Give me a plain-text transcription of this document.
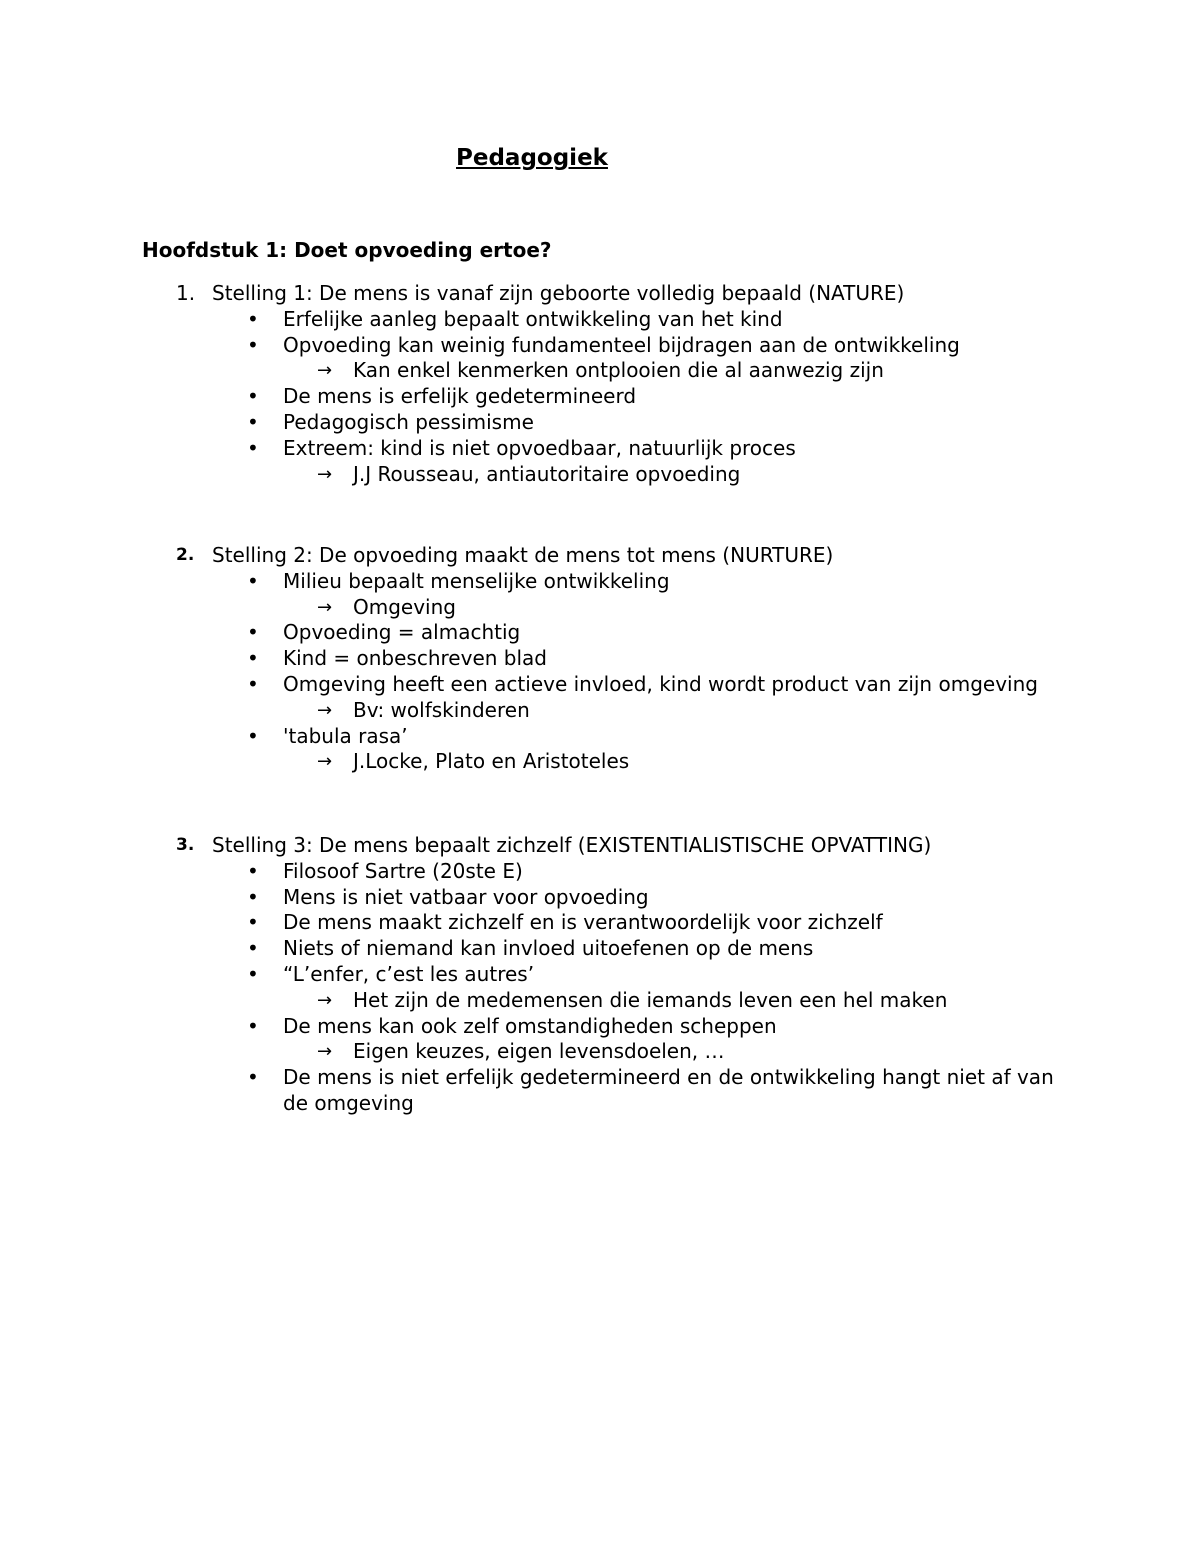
Pedagogiek
Hoofdstuk 1: Doet opvoeding ertoe?
1. Stelling 1: De mens is vanaf zijn geboorte volledig bepaald (NATURE)
• Erfelijke aanleg bepaalt ontwikkeling van het kind
• Opvoeding kan weinig fundamenteel bijdragen aan de ontwikkeling
→ Kan enkel kenmerken ontplooien die al aanwezig zijn
• De mens is erfelijk gedetermineerd
• Pedagogisch pessimisme
• Extreem: kind is niet opvoedbaar, natuurlijk proces
→ J.J Rousseau, antiautoritaire opvoeding
2. Stelling 2: De opvoeding maakt de mens tot mens (NURTURE)
• Milieu bepaalt menselijke ontwikkeling
→ Omgeving
• Opvoeding = almachtig
• Kind = onbeschreven blad
• Omgeving heeft een actieve invloed, kind wordt product van zijn omgeving
→ Bv: wolfskinderen
• 'tabula rasa’
→ J.Locke, Plato en Aristoteles
3. Stelling 3: De mens bepaalt zichzelf (EXISTENTIALISTISCHE OPVATTING)
• Filosoof Sartre (20ste E)
• Mens is niet vatbaar voor opvoeding
• De mens maakt zichzelf en is verantwoordelijk voor zichzelf
• Niets of niemand kan invloed uitoefenen op de mens
• “L’enfer, c’est les autres’
→ Het zijn de medemensen die iemands leven een hel maken
• De mens kan ook zelf omstandigheden scheppen
→ Eigen keuzes, eigen levensdoelen, …
• De mens is niet erfelijk gedetermineerd en de ontwikkeling hangt niet af van
de omgeving
